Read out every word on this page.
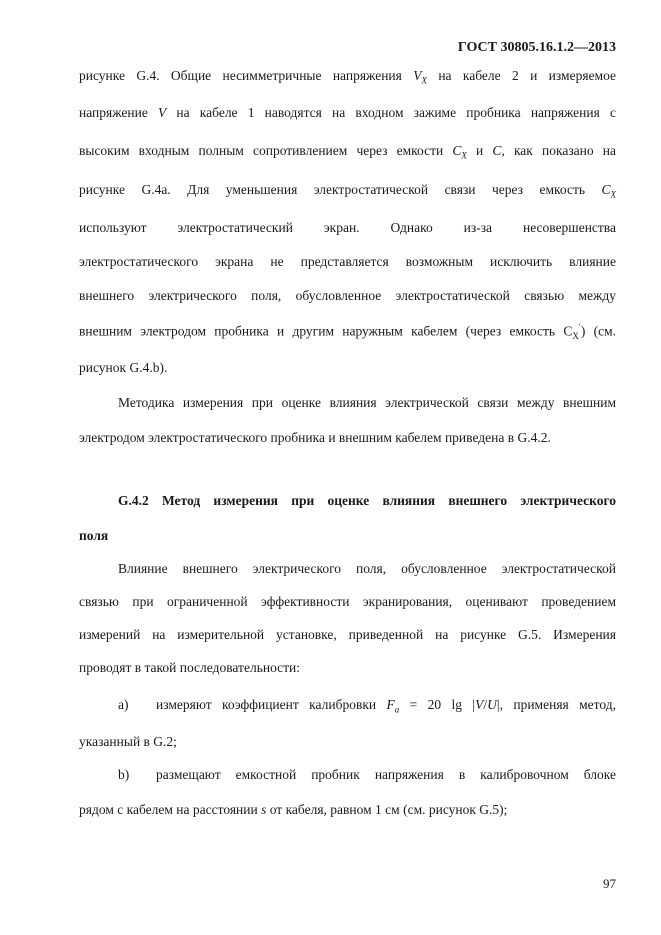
ГОСТ 30805.16.1.2—2013
рисунке G.4. Общие несимметричные напряжения $V_X$ на кабеле 2 и измеряемое
напряжение V на кабеле 1 наводятся на входном зажиме пробника напряжения с
высоким входным полным сопротивлением через емкости $C_X$ и C, как показано на
рисунке G.4a. Для уменьшения электростатической связи через емкость $C_X$
используют электростатический экран. Однако из-за несовершенства
электростатического экрана не представляется возможным исключить влияние
внешнего электрического поля, обусловленное электростатической связью между
внешним электродом пробника и другим наружным кабелем (через емкость $C_X'$) (см.
рисунок G.4.b).
Методика измерения при оценке влияния электрической связи между внешним
электродом электростатического пробника и внешним кабелем приведена в G.4.2.
G.4.2 Метод измерения при оценке влияния внешнего электрического
поля
Влияние внешнего электрического поля, обусловленное электростатической
связью при ограниченной эффективности экранирования, оценивают проведением
измерений на измерительной установке, приведенной на рисунке G.5. Измерения
проводят в такой последовательности:
a) измеряют коэффициент калибровки $F_a = 20$ lg |V/U|, применяя метод,
указанный в G.2;
b) размещают емкостной пробник напряжения в калибровочном блоке
рядом с кабелем на расстоянии s от кабеля, равном 1 см (см. рисунок G.5);
97
